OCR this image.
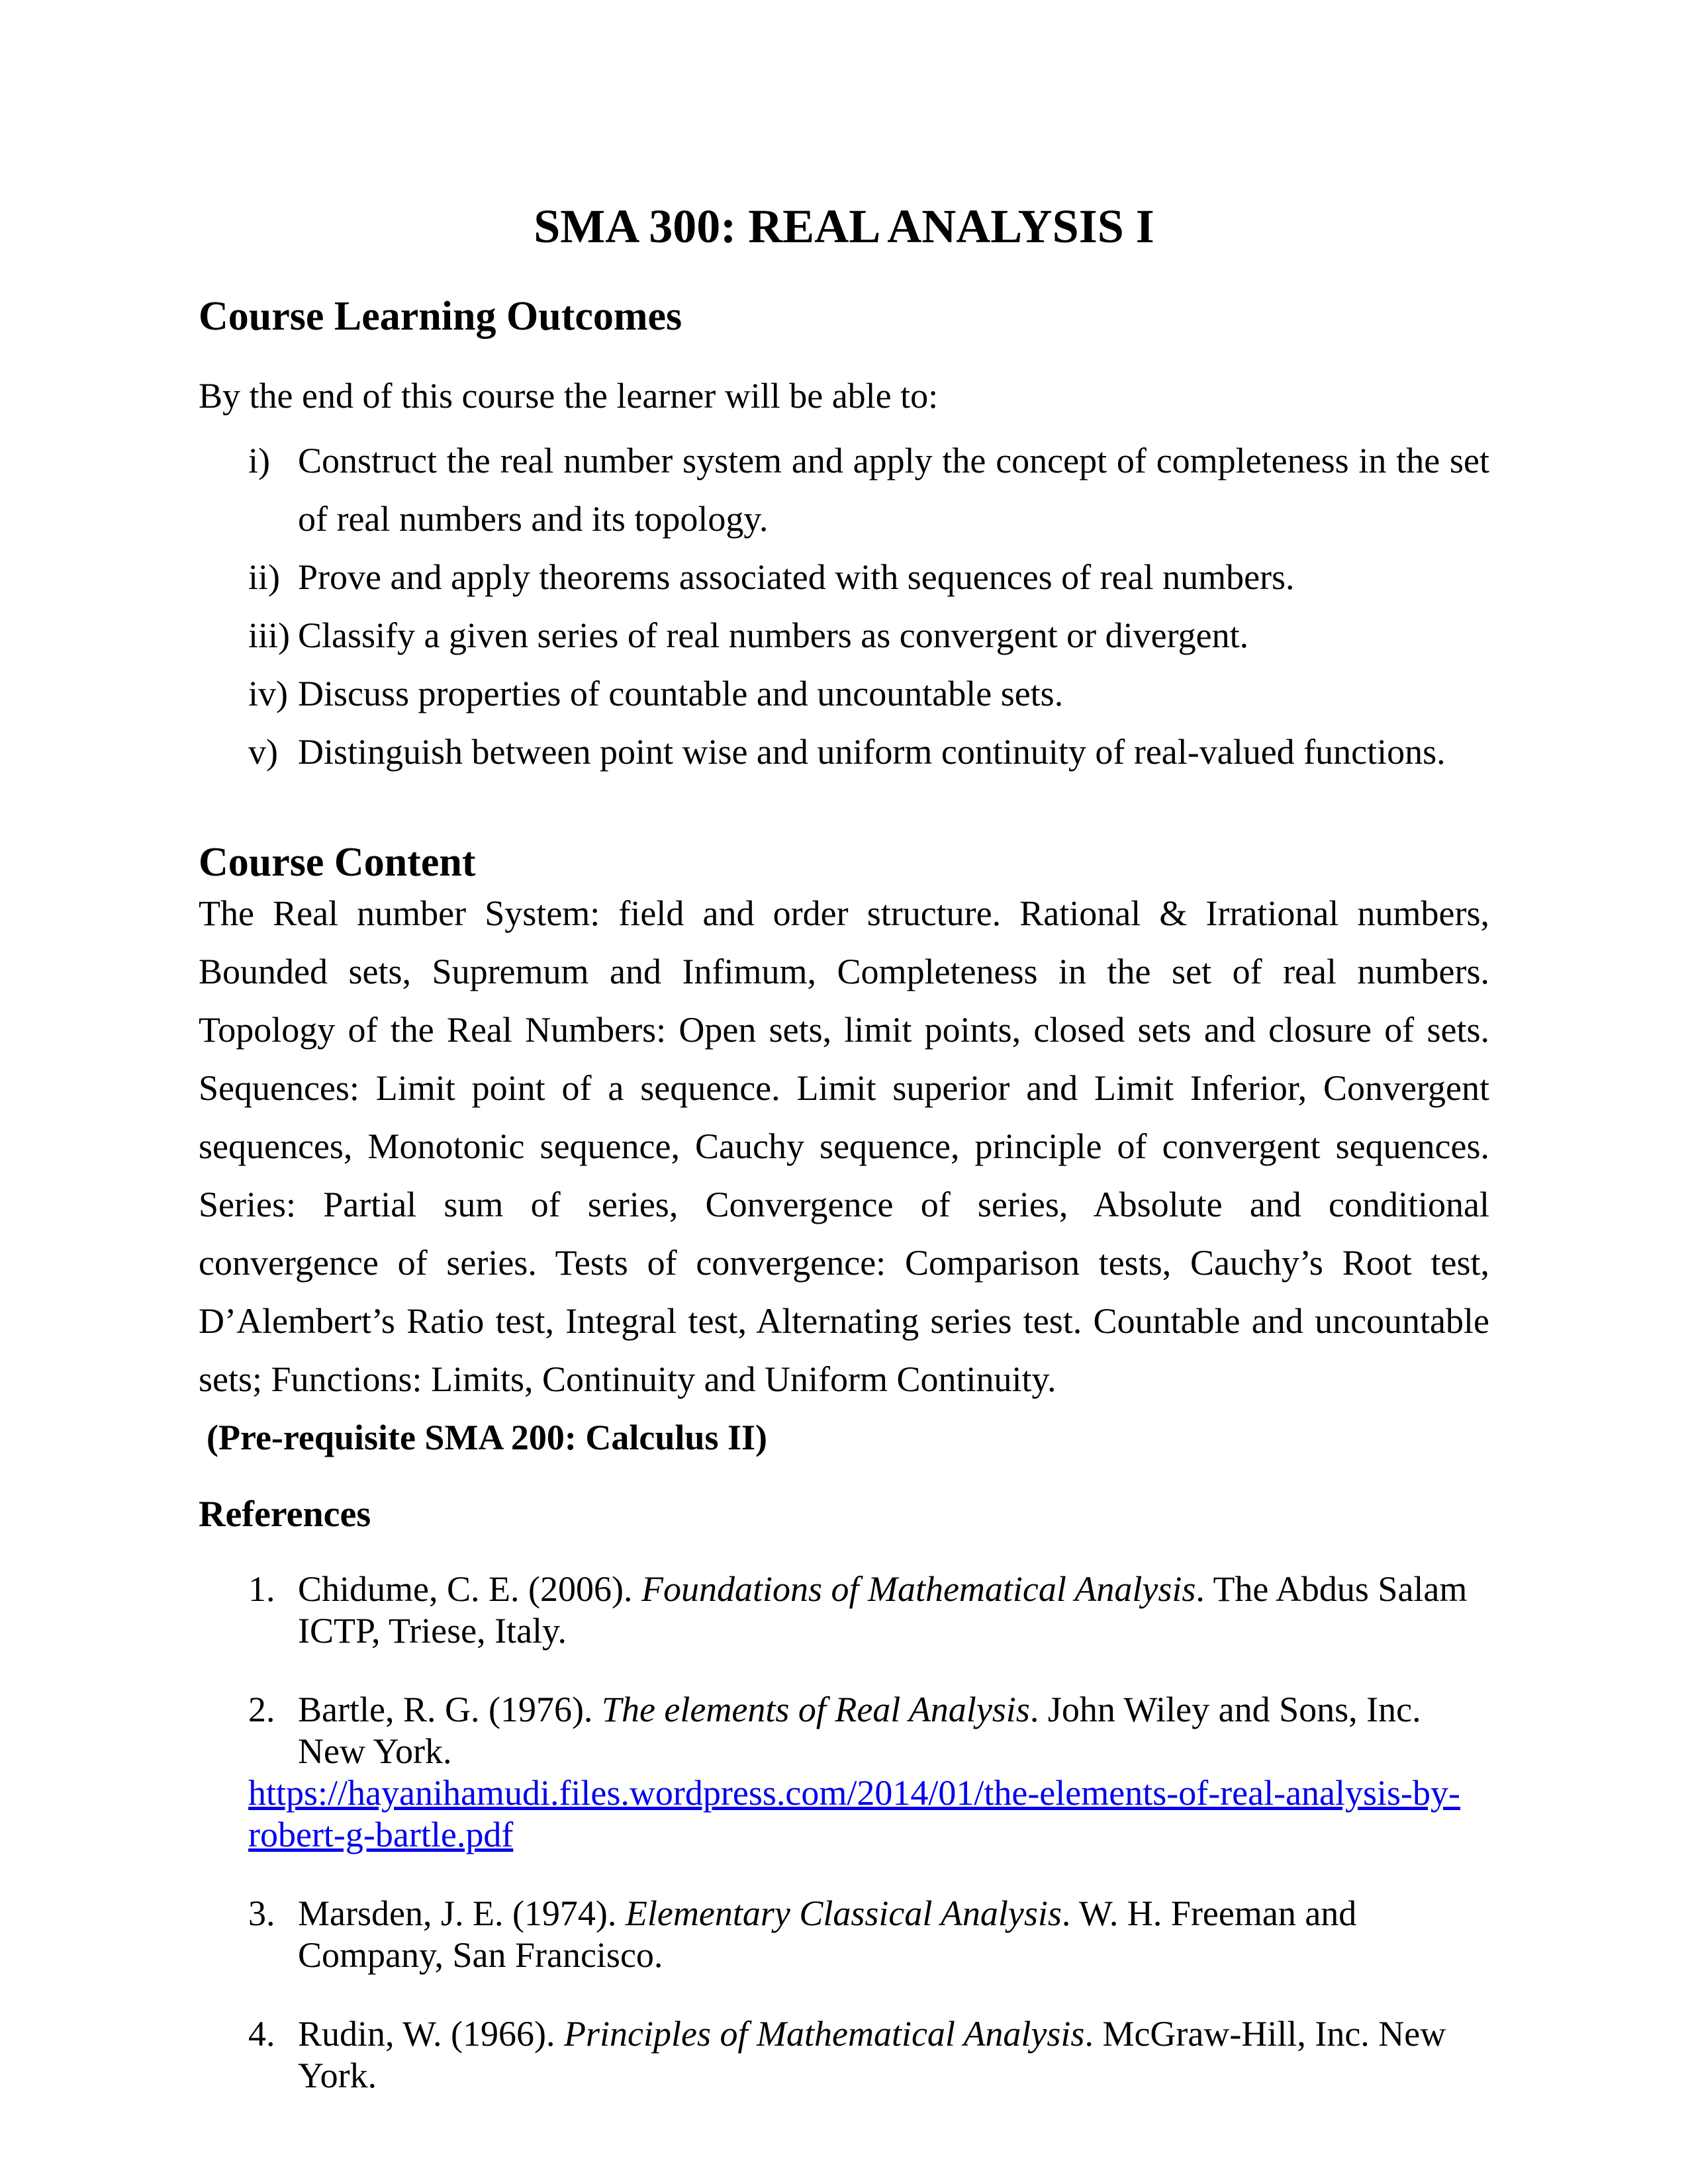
SMA 300: REAL ANALYSIS I
Course Learning Outcomes
By the end of this course the learner will be able to:
i) Construct the real number system and apply the concept of completeness in the set of real numbers and its topology.
ii) Prove and apply theorems associated with sequences of real numbers.
iii) Classify a given series of real numbers as convergent or divergent.
iv) Discuss properties of countable and uncountable sets.
v) Distinguish between point wise and uniform continuity of real-valued functions.
Course Content
The Real number System: field and order structure. Rational & Irrational numbers, Bounded sets, Supremum and Infimum, Completeness in the set of real numbers. Topology of the Real Numbers: Open sets, limit points, closed sets and closure of sets. Sequences: Limit point of a sequence. Limit superior and Limit Inferior, Convergent sequences, Monotonic sequence, Cauchy sequence, principle of convergent sequences. Series: Partial sum of series, Convergence of series, Absolute and conditional convergence of series. Tests of convergence: Comparison tests, Cauchy’s Root test, D’Alembert’s Ratio test, Integral test, Alternating series test. Countable and uncountable sets; Functions: Limits, Continuity and Uniform Continuity.
(Pre-requisite SMA 200: Calculus II)
References
1. Chidume, C. E. (2006). Foundations of Mathematical Analysis. The Abdus Salam ICTP, Triese, Italy.
2. Bartle, R. G. (1976). The elements of Real Analysis. John Wiley and Sons, Inc. New York.
https://hayanihamudi.files.wordpress.com/2014/01/the-elements-of-real-analysis-by-robert-g-bartle.pdf
3. Marsden, J. E. (1974). Elementary Classical Analysis. W. H. Freeman and Company, San Francisco.
4. Rudin, W. (1966). Principles of Mathematical Analysis. McGraw-Hill, Inc. New York.
